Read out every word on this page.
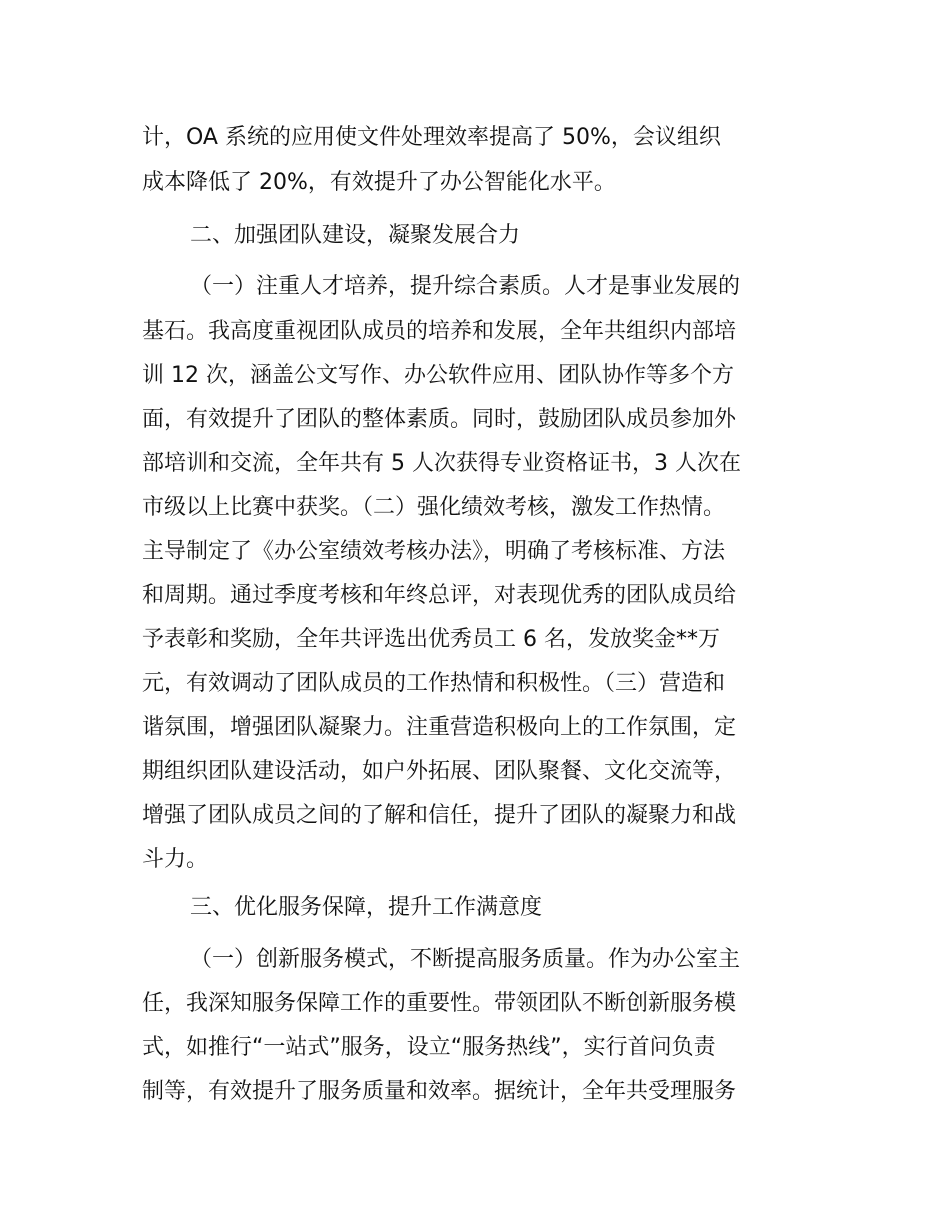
计，OA 系统的应用使文件处理效率提高了 50%，会议组织
成本降低了 20%，有效提升了办公智能化水平。
二、加强团队建设，凝聚发展合力
（一）注重人才培养，提升综合素质。人才是事业发展的
基石。我高度重视团队成员的培养和发展，全年共组织内部培
训 12 次，涵盖公文写作、办公软件应用、团队协作等多个方
面，有效提升了团队的整体素质。同时，鼓励团队成员参加外
部培训和交流，全年共有 5 人次获得专业资格证书，3 人次在
市级以上比赛中获奖。（二）强化绩效考核，激发工作热情。
主导制定了《办公室绩效考核办法》，明确了考核标准、方法
和周期。通过季度考核和年终总评，对表现优秀的团队成员给
予表彰和奖励，全年共评选出优秀员工 6 名，发放奖金**万
元，有效调动了团队成员的工作热情和积极性。（三）营造和
谐氛围，增强团队凝聚力。注重营造积极向上的工作氛围，定
期组织团队建设活动，如户外拓展、团队聚餐、文化交流等，
增强了团队成员之间的了解和信任，提升了团队的凝聚力和战
斗力。
三、优化服务保障，提升工作满意度
（一）创新服务模式，不断提高服务质量。作为办公室主
任，我深知服务保障工作的重要性。带领团队不断创新服务模
式，如推行“一站式”服务，设立“服务热线”，实行首问负责
制等，有效提升了服务质量和效率。据统计，全年共受理服务
